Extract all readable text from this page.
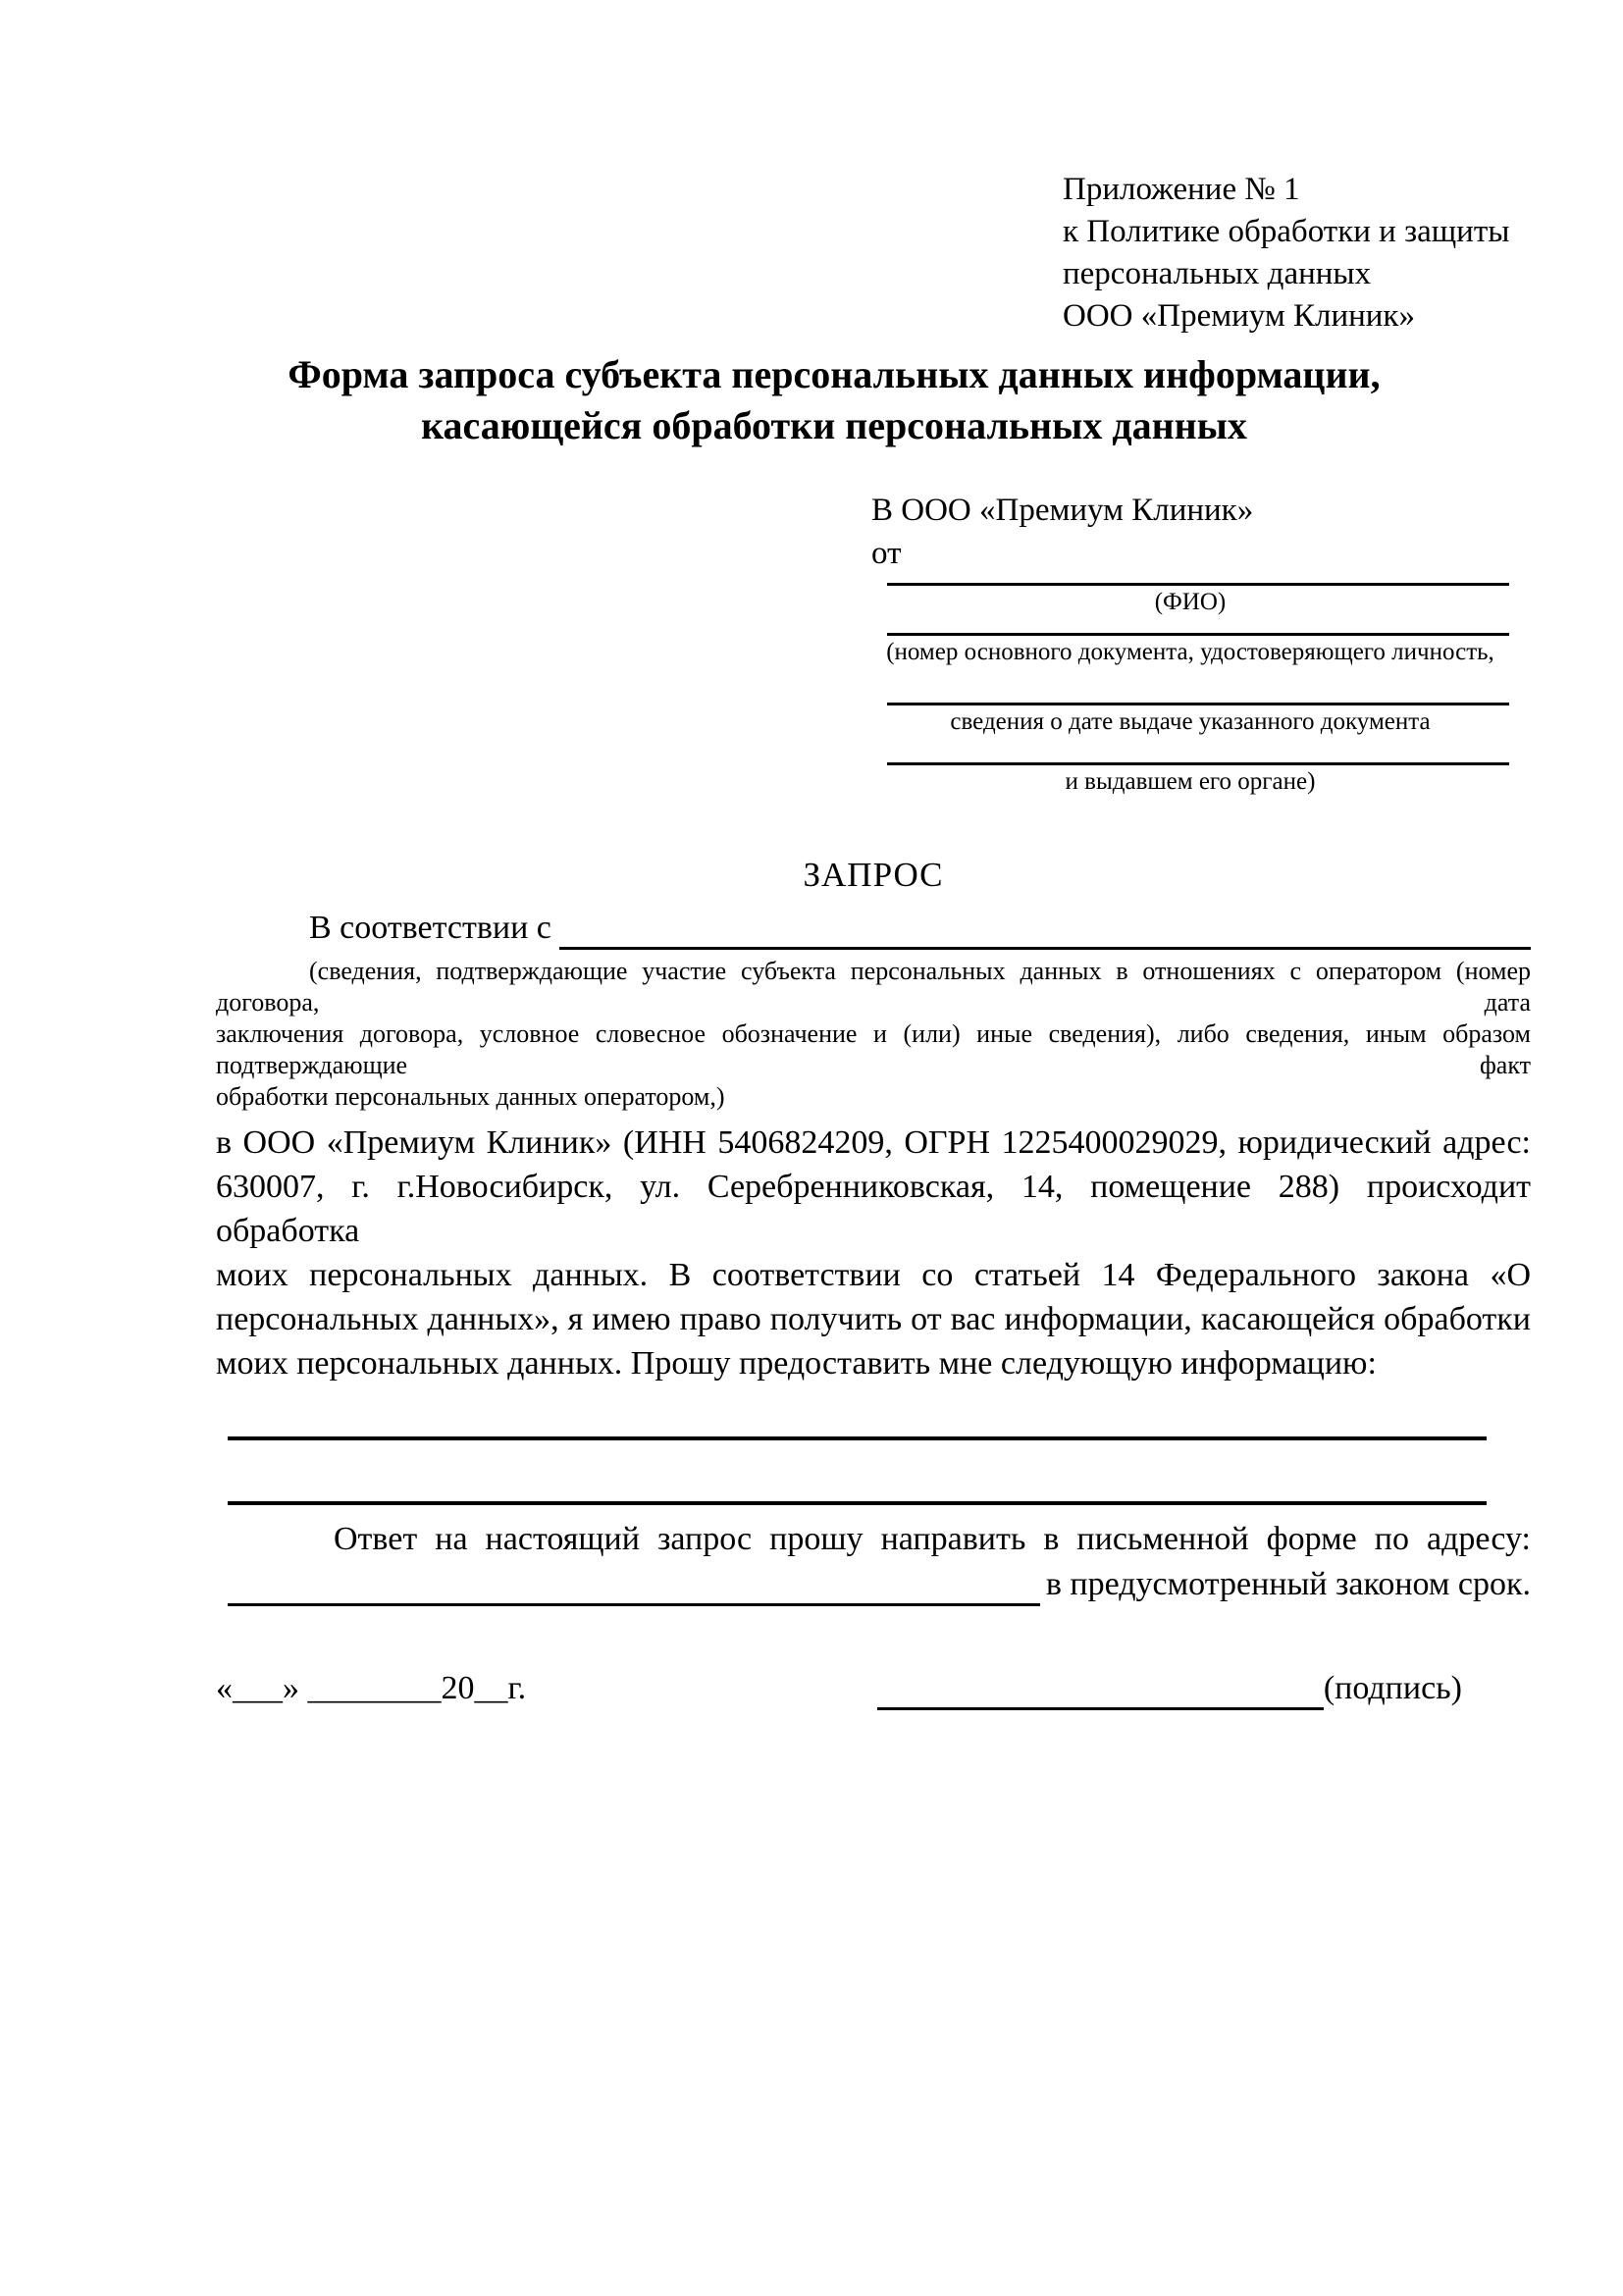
Приложение № 1
к Политике обработки и защиты
персональных данных
ООО «Премиум Клиник»
Форма запроса субъекта персональных данных информации,
касающейся обработки персональных данных
В ООО «Премиум Клиник»
от
(ФИО)
(номер основного документа, удостоверяющего личность,
сведения о дате выдаче указанного документа
и выдавшем его органе)
ЗАПРОС
В соответствии с
(сведения, подтверждающие участие субъекта персональных данных в отношениях с оператором (номер договора, дата
заключения договора, условное словесное обозначение и (или) иные сведения), либо сведения, иным образом подтверждающие факт
обработки персональных данных оператором,)
в ООО «Премиум Клиник» (ИНН 5406824209, ОГРН 1225400029029, юридический адрес:
630007, г. г.Новосибирск, ул. Серебренниковская, 14, помещение 288) происходит обработка
моих персональных данных. В соответствии со статьей 14 Федерального закона «О
персональных данных», я имею право получить от вас информации, касающейся обработки
моих персональных данных. Прошу предоставить мне следующую информацию:
Ответ на настоящий запрос прошу направить в письменной форме по адресу:
в предусмотренный законом срок.
«___» ________20__г.	(подпись)
